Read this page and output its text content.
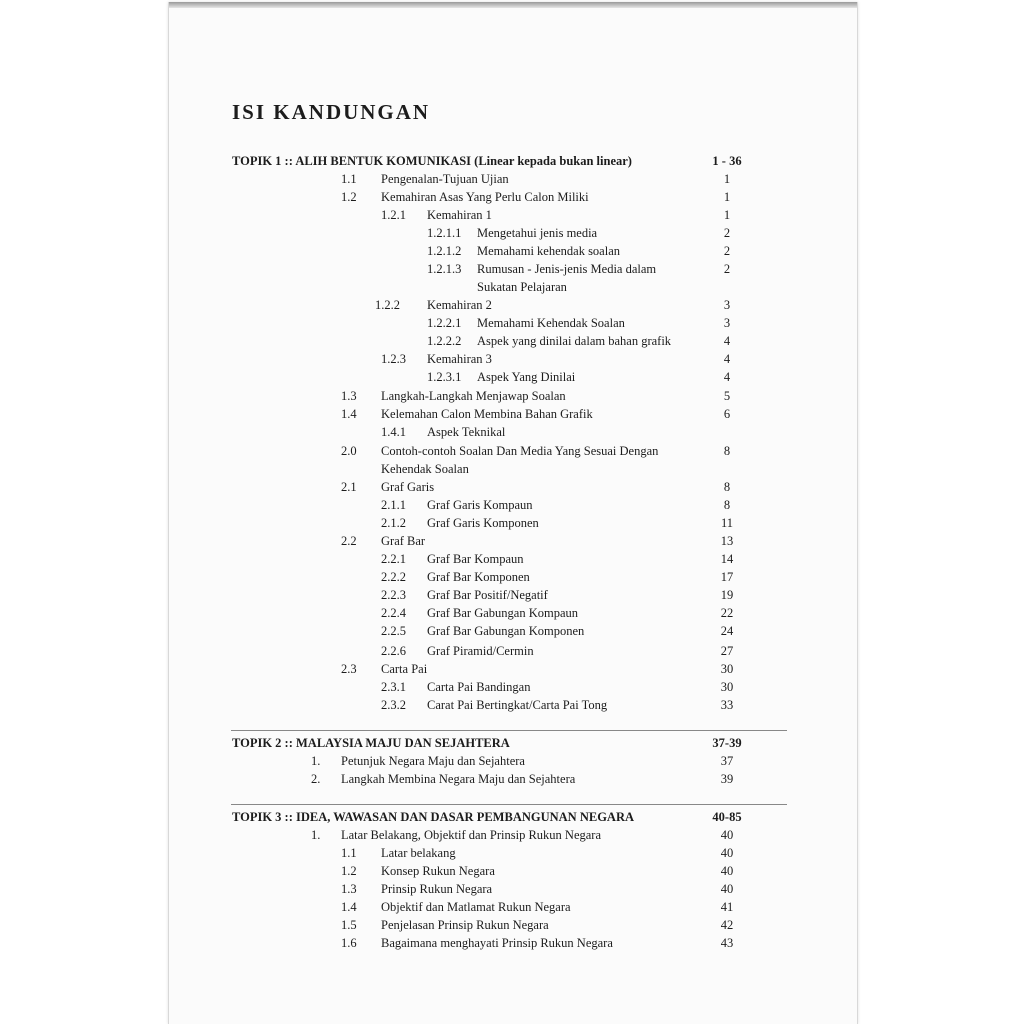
ISI KANDUNGAN
TOPIK 1 :: ALIH BENTUK KOMUNIKASI (Linear kepada bukan linear)	1 - 36
1.1 Pengenalan-Tujuan Ujian	1
1.2 Kemahiran Asas Yang Perlu Calon Miliki	1
1.2.1 Kemahiran 1	1
1.2.1.1 Mengetahui jenis media	2
1.2.1.2 Memahami kehendak soalan	2
1.2.1.3 Rumusan - Jenis-jenis Media dalam	2
Sukatan Pelajaran
1.2.2 Kemahiran 2	3
1.2.2.1 Memahami Kehendak Soalan	3
1.2.2.2 Aspek yang dinilai dalam bahan grafik	4
1.2.3 Kemahiran 3	4
1.2.3.1 Aspek Yang Dinilai	4
1.3 Langkah-Langkah Menjawap Soalan	5
1.4 Kelemahan Calon Membina Bahan Grafik	6
1.4.1 Aspek Teknikal
2.0 Contoh-contoh Soalan Dan Media Yang Sesuai Dengan	8
Kehendak Soalan
2.1 Graf Garis	8
2.1.1 Graf Garis Kompaun	8
2.1.2 Graf Garis Komponen	11
2.2 Graf Bar	13
2.2.1 Graf Bar Kompaun	14
2.2.2 Graf Bar Komponen	17
2.2.3 Graf Bar Positif/Negatif	19
2.2.4 Graf Bar Gabungan Kompaun	22
2.2.5 Graf Bar Gabungan Komponen	24
2.2.6 Graf Piramid/Cermin	27
2.3 Carta Pai	30
2.3.1 Carta Pai Bandingan	30
2.3.2 Carat Pai Bertingkat/Carta Pai Tong	33
TOPIK 2 :: MALAYSIA MAJU DAN SEJAHTERA	37-39
1. Petunjuk Negara Maju dan Sejahtera	37
2. Langkah Membina Negara Maju dan Sejahtera	39
TOPIK 3 :: IDEA, WAWASAN DAN DASAR PEMBANGUNAN NEGARA	40-85
1. Latar Belakang, Objektif dan Prinsip Rukun Negara	40
1.1 Latar belakang	40
1.2 Konsep Rukun Negara	40
1.3 Prinsip Rukun Negara	40
1.4 Objektif dan Matlamat Rukun Negara	41
1.5 Penjelasan Prinsip Rukun Negara	42
1.6 Bagaimana menghayati Prinsip Rukun Negara	43
